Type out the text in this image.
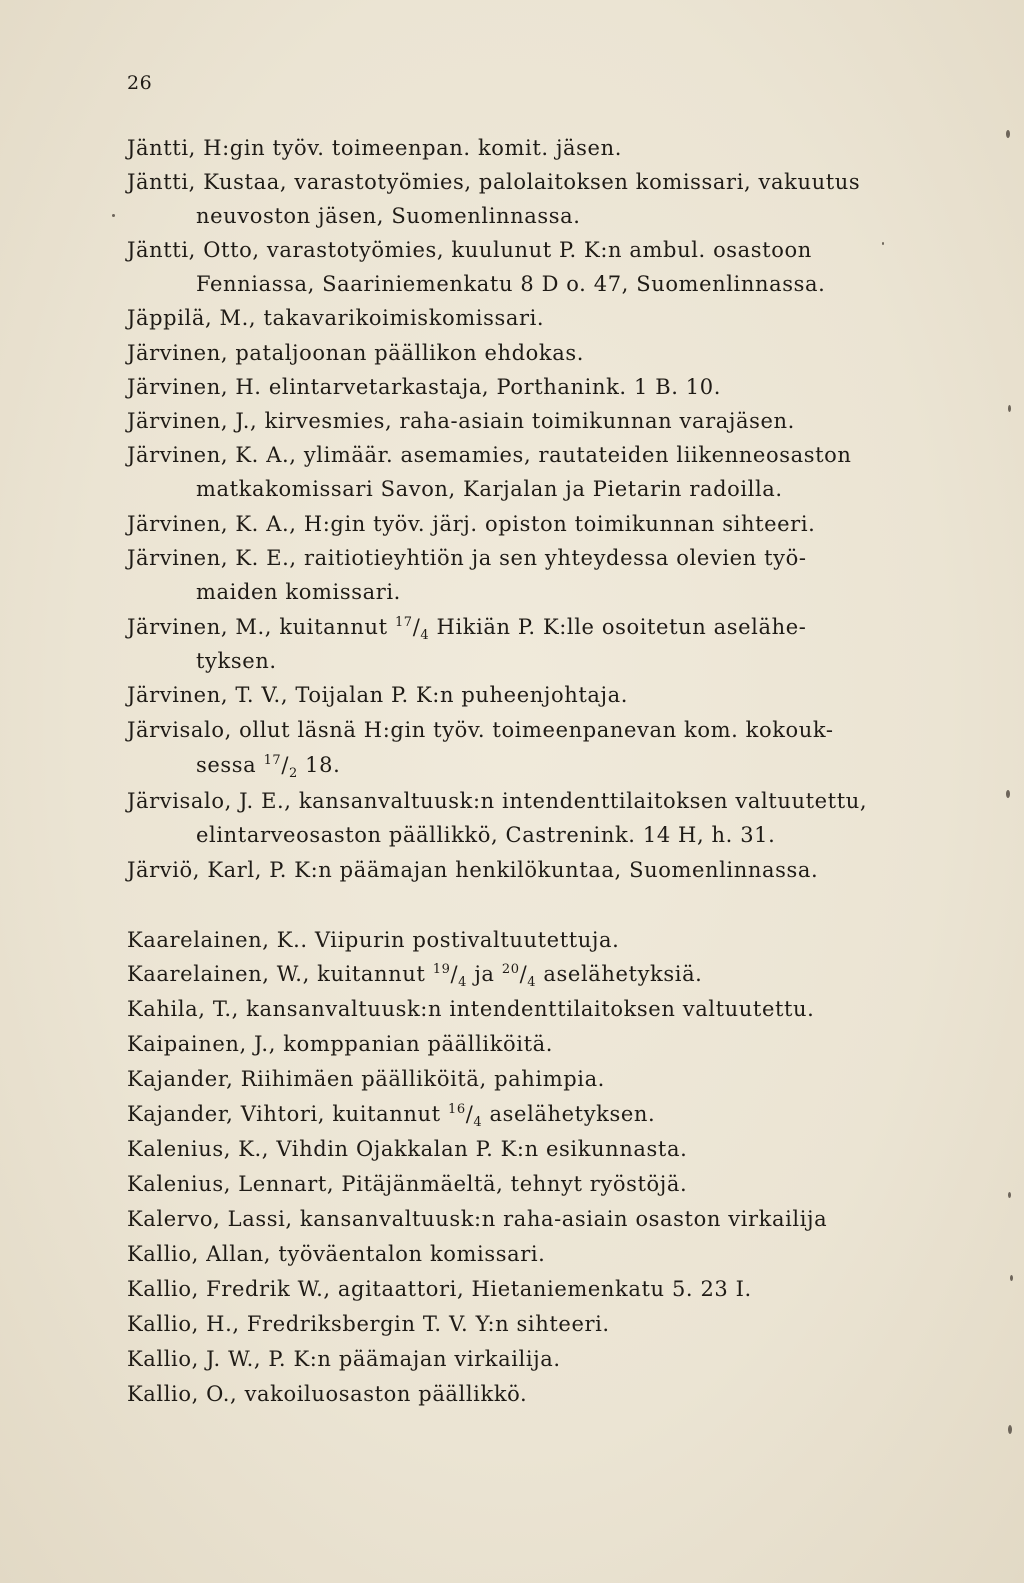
26
Jäntti, H:gin työv. toimeenpan. komit. jäsen.
Jäntti, Kustaa, varastotyömies, palolaitoksen komissari, vakuutus
neuvoston jäsen, Suomenlinnassa.
Jäntti, Otto, varastotyömies, kuulunut P. K:n ambul. osastoon
Fenniassa, Saariniemenkatu 8 D o. 47, Suomenlinnassa.
Jäppilä, M., takavarikoimiskomissari.
Järvinen, pataljoonan päällikon ehdokas.
Järvinen, H. elintarvetarkastaja, Porthanink. 1 B. 10.
Järvinen, J., kirvesmies, raha-asiain toimikunnan varajäsen.
Järvinen, K. A., ylimäär. asemamies, rautateiden liikenneosaston
matkakomissari Savon, Karjalan ja Pietarin radoilla.
Järvinen, K. A., H:gin työv. järj. opiston toimikunnan sihteeri.
Järvinen, K. E., raitiotieyhtiön ja sen yhteydessa olevien työ-
maiden komissari.
Järvinen, M., kuitannut $^{17}/_4$ Hikiän P. K:lle osoitetun aselähe-
tyksen.
Järvinen, T. V., Toijalan P. K:n puheenjohtaja.
Järvisalo, ollut läsnä H:gin työv. toimeenpanevan kom. kokouk-
sessa $^{17}/_2$ 18.
Järvisalo, J. E., kansanvaltuusk:n intendenttilaitoksen valtuutettu,
elintarveosaston päällikkö, Castrenink. 14 H, h. 31.
Järviö, Karl, P. K:n päämajan henkilökuntaa, Suomenlinnassa.
Kaarelainen, K.. Viipurin postivaltuutettuja.
Kaarelainen, W., kuitannut $^{19}/_4$ ja $^{20}/_4$ aselähetyksiä.
Kahila, T., kansanvaltuusk:n intendenttilaitoksen valtuutettu.
Kaipainen, J., komppanian päälliköitä.
Kajander, Riihimäen päälliköitä, pahimpia.
Kajander, Vihtori, kuitannut $^{16}/_4$ aselähetyksen.
Kalenius, K., Vihdin Ojakkalan P. K:n esikunnasta.
Kalenius, Lennart, Pitäjänmäeltä, tehnyt ryöstöjä.
Kalervo, Lassi, kansanvaltuusk:n raha-asiain osaston virkailija
Kallio, Allan, työväentalon komissari.
Kallio, Fredrik W., agitaattori, Hietaniemenkatu 5. 23 I.
Kallio, H., Fredriksbergin T. V. Y:n sihteeri.
Kallio, J. W., P. K:n päämajan virkailija.
Kallio, O., vakoiluosaston päällikkö.
